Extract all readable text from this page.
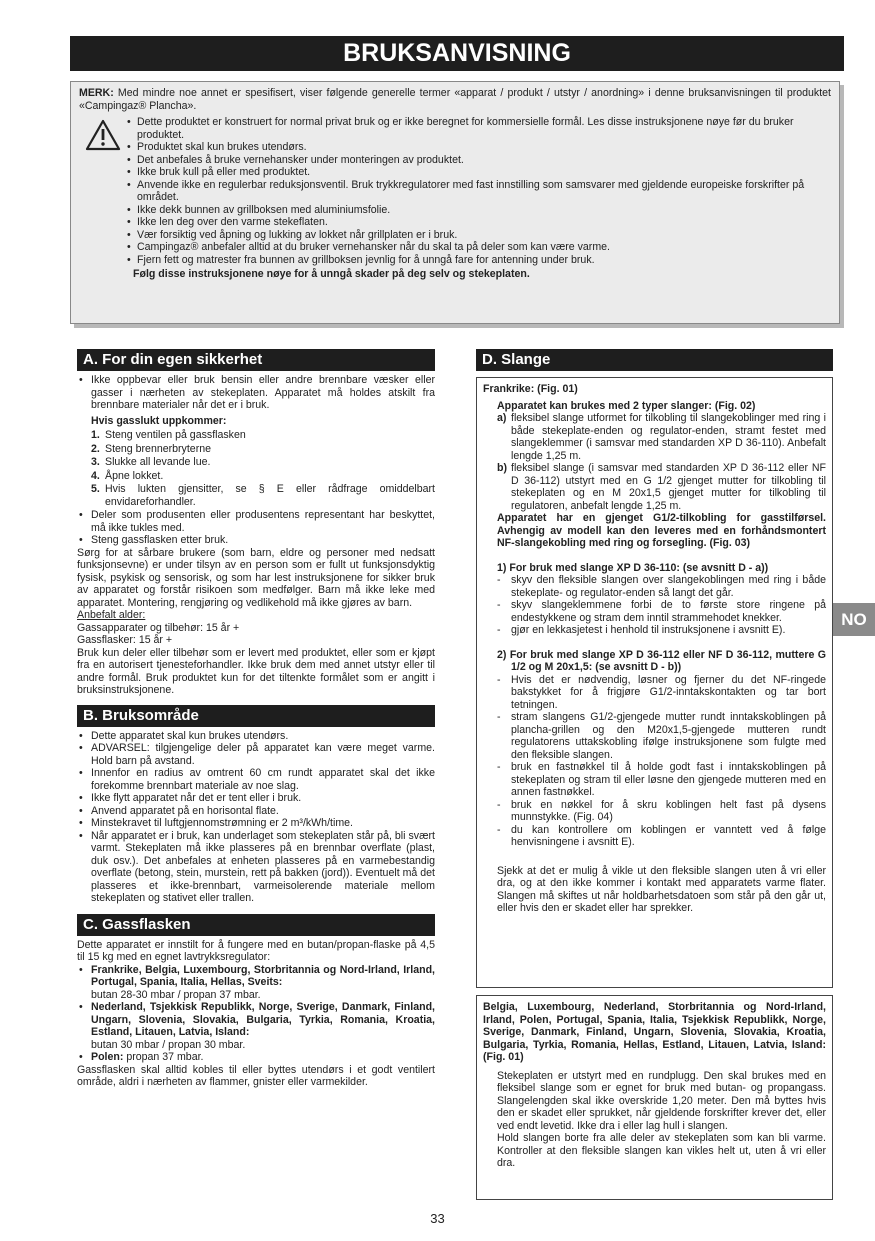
BRUKSANVISNING

MERK: Med mindre noe annet er spesifisert, viser følgende generelle termer «apparat / produkt / utstyr / anordning» i denne bruksanvisningen til produktet «Campingaz® Plancha».

• Dette produktet er konstruert for normal privat bruk og er ikke beregnet for kommersielle formål. Les disse instruksjonene nøye før du bruker produktet.
• Produktet skal kun brukes utendørs.
• Det anbefales å bruke vernehansker under monteringen av produktet.
• Ikke bruk kull på eller med produktet.
• Anvende ikke en regulerbar reduksjonsventil. Bruk trykkregulatorer med fast innstilling som samsvarer med gjeldende europeiske forskrifter på området.
• Ikke dekk bunnen av grillboksen med aluminiumsfolie.
• Ikke len deg over den varme stekeflaten.
• Vær forsiktig ved åpning og lukking av lokket når grillplaten er i bruk.
• Campingaz® anbefaler alltid at du bruker vernehansker når du skal ta på deler som kan være varme.
• Fjern fett og matrester fra bunnen av grillboksen jevnlig for å unngå fare for antenning under bruk.
Følg disse instruksjonene nøye for å unngå skader på deg selv og stekeplaten.
A. For din egen sikkerhet
• Ikke oppbevar eller bruk bensin eller andre brennbare væsker eller gasser i nærheten av stekeplaten. Apparatet må holdes atskilt fra brennbare materialer når det er i bruk.
Hvis gasslukt uppkommer:
1. Steng ventilen på gassflasken
2. Steng brennerbryterne
3. Slukke all levande lue.
4. Åpne lokket.
5. Hvis lukten gjensitter, se § E eller rådfrage omiddelbart envidareforhandler.
• Deler som produsenten eller produsentens representant har beskyttet, må ikke tukles med.
• Steng gassflasken etter bruk.

Sørg for at sårbare brukere (som barn, eldre og personer med nedsatt funksjonsevne) er under tilsyn av en person som er fullt ut funksjonsdyktig fysisk, psykisk og sensorisk, og som har lest instruksjonene for sikker bruk av apparatet og forstår risikoen som medfølger. Barn må ikke leke med apparatet. Montering, rengjøring og vedlikehold må ikke gjøres av barn.

Anbefalt alder:

Gassapparater og tilbehør: 15 år +

Gassflasker: 15 år +

Bruk kun deler eller tilbehør som er levert med produktet, eller som er kjøpt fra en autorisert tjenesteforhandler. Ikke bruk dem med annet utstyr eller til andre formål. Bruk produktet kun for det tiltenkte formålet som er angitt i bruksinstruksjonene.

B. Bruksområde
• Dette apparatet skal kun brukes utendørs.
• ADVARSEL: tilgjengelige deler på apparatet kan være meget varme. Hold barn på avstand.
• Innenfor en radius av omtrent 60 cm rundt apparatet skal det ikke forekomme brennbart materiale av noe slag.
• Ikke flytt apparatet når det er tent eller i bruk.
• Anvend apparatet på en horisontal flate.
• Minstekravet til luftgjennomstrømning er 2 m³/kWh/time.
• Når apparatet er i bruk, kan underlaget som stekeplaten står på, bli svært varmt. Stekeplaten må ikke plasseres på en brennbar overflate (plast, duk osv.). Det anbefales at enheten plasseres på en varmebestandig overflate (betong, stein, murstein, rett på bakken (jord)). Eventuelt må det plasseres et ikke-brennbart, varmeisolerende materiale mellom stekeplaten og stativet eller trallen.
C. Gassflasken

Dette apparatet er innstilt for å fungere med en butan/propan-flaske på 4,5 til 15 kg med en egnet lavtrykksregulator:

• Frankrike, Belgia, Luxembourg, Storbritannia og Nord-Irland, Irland, Portugal, Spania, Italia, Hellas, Sveits:
butan 28-30 mbar / propan 37 mbar.
• Nederland, Tsjekkisk Republikk, Norge, Sverige, Danmark, Finland, Ungarn, Slovenia, Slovakia, Bulgaria, Tyrkia, Romania, Kroatia, Estland, Litauen, Latvia, Island:
butan 30 mbar / propan 30 mbar.
• Polen: propan 37 mbar.

Gassflasken skal alltid kobles til eller byttes utendørs i et godt ventilert område, aldri i nærheten av flammer, gnister eller varmekilder.

D. Slange

Frankrike: (Fig. 01)

Apparatet kan brukes med 2 typer slanger: (Fig. 02)

a) fleksibel slange utformet for tilkobling til slangekoblinger med ring i både stekeplate-enden og regulator-enden, stramt festet med slangeklemmer (i samsvar med standarden XP D 36-110). Anbefalt lengde 1,25 m.
b) fleksibel slange (i samsvar med standarden XP D 36-112 eller NF D 36-112) utstyrt med en G 1/2 gjenget mutter for tilkobling til stekeplaten og en M 20x1,5 gjenget mutter for tilkobling til regulatoren, anbefalt lengde 1,25 m.

Apparatet har en gjenget G1/2-tilkobling for gasstilførsel. Avhengig av modell kan den leveres med en forhåndsmontert NF-slangekobling med ring og forsegling. (Fig. 03)

1) For bruk med slange XP D 36-110: (se avsnitt D - a))

- skyv den fleksible slangen over slangekoblingen med ring i både stekeplate- og regulator-enden så langt det går.
- skyv slangeklemmene forbi de to første store ringene på endestykkene og stram dem inntil strammehodet knekker.
- gjør en lekkasjetest i henhold til instruksjonene i avsnitt E).

2) For bruk med slange XP D 36-112 eller NF D 36-112, muttere G 1/2 og M 20x1,5: (se avsnitt D - b))

- Hvis det er nødvendig, løsner og fjerner du det NF-ringede bakstykket for å frigjøre G1/2-inntakskontakten og tar bort tetningen.
- stram slangens G1/2-gjengede mutter rundt inntakskoblingen på plancha-grillen og den M20x1,5-gjengede mutteren rundt regulatorens uttakskobling ifølge instruksjonene som fulgte med den fleksible slangen.
- bruk en fastnøkkel til å holde godt fast i inntakskoblingen på stekeplaten og stram til eller løsne den gjengede mutteren med en annen fastnøkkel.
- bruk en nøkkel for å skru koblingen helt fast på dysens munnstykke. (Fig. 04)
- du kan kontrollere om koblingen er vanntett ved å følge henvisningene i avsnitt E).

Sjekk at det er mulig å vikle ut den fleksible slangen uten å vri eller dra, og at den ikke kommer i kontakt med apparatets varme flater. Slangen må skiftes ut når holdbarhetsdatoen som står på den går ut, eller hvis den er skadet eller har sprekker.

Belgia, Luxembourg, Nederland, Storbritannia og Nord-Irland, Irland, Polen, Portugal, Spania, Italia, Tsjekkisk Republikk, Norge, Sverige, Danmark, Finland, Ungarn, Slovenia, Slovakia, Kroatia, Bulgaria, Tyrkia, Romania, Hellas, Estland, Litauen, Latvia, Island: (Fig. 01)

Stekeplaten er utstyrt med en rundplugg. Den skal brukes med en fleksibel slange som er egnet for bruk med butan- og propangass. Slangelengden skal ikke overskride 1,20 meter. Den må byttes hvis den er skadet eller sprukket, når gjeldende forskrifter krever det, eller ved endt levetid. Ikke dra i eller lag hull i slangen.

Hold slangen borte fra alle deler av stekeplaten som kan bli varme. Kontroller at den fleksible slangen kan vikles helt ut, uten å vri eller dra.

NO
33
